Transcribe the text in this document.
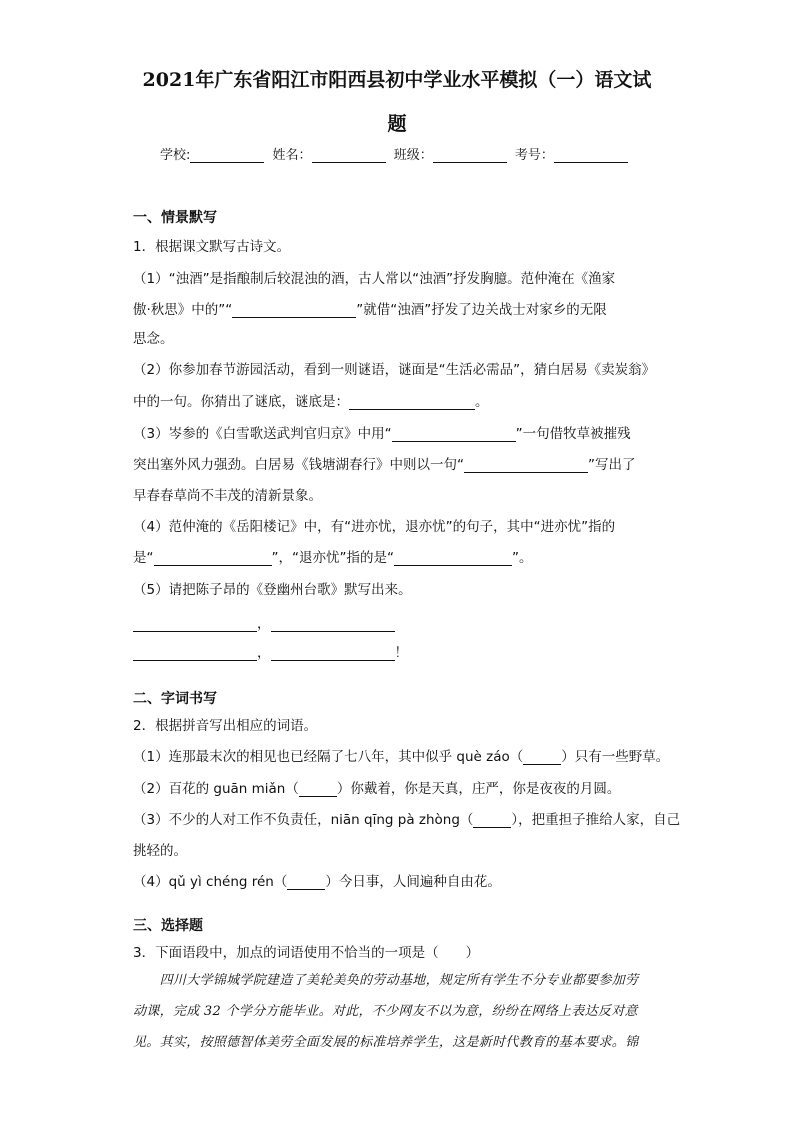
2021年广东省阳江市阳西县初中学业水平模拟（一）语文试
题
学校:	姓名：	班级：	考号：
一、情景默写
1．根据课文默写古诗文。
（1）“浊酒”是指酿制后较混浊的酒，古人常以“浊酒”抒发胸臆。范仲淹在《渔家
傲·秋思》中的”“	”就借“浊酒”抒发了边关战士对家乡的无限
思念。
（2）你参加春节游园活动，看到一则谜语，谜面是“生活必需品”，猜白居易《卖炭翁》
中的一句。你猜出了谜底，谜底是：	。
（3）岑参的《白雪歌送武判官归京》中用“	”一句借牧草被摧残
突出塞外风力强劲。白居易《钱塘湖春行》中则以一句“	”写出了
早春春草尚不丰茂的清新景象。
（4）范仲淹的《岳阳楼记》中，有“进亦忧，退亦忧”的句子，其中“进亦忧”指的
是“	”，“退亦忧”指的是“	”。
（5）请把陈子昂的《登幽州台歌》默写出来。
，
，	！
二、字词书写
2．根据拼音写出相应的词语。
（1）连那最末次的相见也已经隔了七八年，其中似乎 què záo（	）只有一些野草。
（2）百花的 guān miǎn（	）你戴着，你是天真，庄严，你是夜夜的月圆。
（3）不少的人对工作不负责任，niān qīng pà zhòng（	），把重担子推给人家，自己
挑轻的。
（4）qǔ yì chéng rén（	）今日事，人间遍种自由花。
三、选择题
3．下面语段中，加点的词语使用不恰当的一项是（　　）
　　四川大学锦城学院建造了美轮美奂的劳动基地，规定所有学生不分专业都要参加劳
动课，完成 32 个学分方能毕业。对此，不少网友不以为意，纷纷在网络上表达反对意
见。其实，按照德智体美劳全面发展的标准培养学生，这是新时代教育的基本要求。锦
